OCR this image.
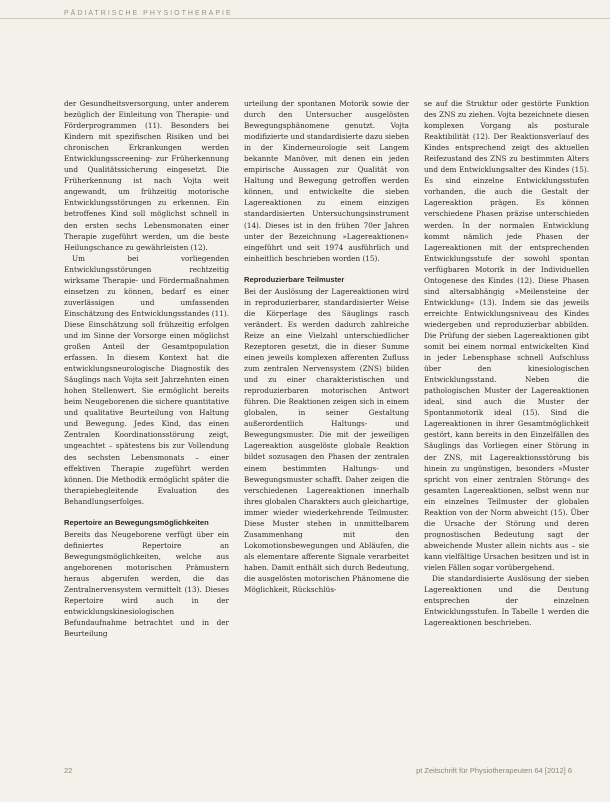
PÄDIATRISCHE PHYSIOTHERAPIE

der Gesundheitsversorgung, unter anderem bezüglich der Einleitung von Therapie- und Förderprogrammen (11). Besonders bei Kindern mit spezifischen Risiken und bei chronischen Erkrankungen werden Entwicklungsscreening- zur Früherkennung und Qualitätssicherung eingesetzt. Die Früherkennung ist nach Vojta weit angewandt, um frühzeitig motorische Entwicklungsstörungen zu erkennen. Ein betroffenes Kind soll möglichst schnell in den ersten sechs Lebensmonaten einer Therapie zugeführt werden, um die beste Heilungschance zu gewährleisten (12).

Um bei vorliegenden Entwicklungsstörungen rechtzeitig wirksame Therapie- und Fördermaßnahmen einsetzen zu können, bedarf es einer zuverlässigen und umfassenden Einschätzung des Entwicklungsstandes (11). Diese Einschätzung soll frühzeitig erfolgen und im Sinne der Vorsorge einen möglichst großen Anteil der Gesamtpopulation erfassen. In diesem Kontext hat die entwicklungsneurologische Diagnostik des Säuglings nach Vojta seit Jahrzehnten einen hohen Stellenwert. Sie ermöglicht bereits beim Neugeborenen die sichere quantitative und qualitative Beurteilung von Haltung und Bewegung. Jedes Kind, das einen Zentralen Koordinationsstörung zeigt, ungeachtet – spätestens bis zur Vollendung des sechsten Lebensmonats – einer effektiven Therapie zugeführt werden können. Die Methodik ermöglicht später die therapiebegleitende Evaluation des Behandlungserfolges.

Repertoire an Bewegungsmöglichkeiten

Bereits das Neugeborene verfügt über ein definiertes Repertoire an Bewegungsmöglichkeiten, welche aus angeborenen motorischen Prämustern heraus abgerufen werden, die das Zentralnervensystem vermittelt (13). Dieses Repertoire wird auch in der entwicklungskinesiologischen Befundaufnahme betrachtet und in der Beurteilung

urteilung der spontanen Motorik sowie der durch den Untersucher ausgelösten Bewegungsphänomene genutzt. Vojta modifizierte und standardisierte dazu sieben in der Kinderneurologie seit Langem bekannte Manöver, mit denen ein jeden empirische Aussagen zur Qualität von Haltung und Bewegung getroffen werden können, und entwickelte die sieben Lagereaktionen zu einem einzigen standardisierten Untersuchungsinstrument (14). Dieses ist in den frühen 70er Jahren unter der Bezeichnung »Lagereaktionen« eingeführt und seit 1974 ausführlich und einheitlich beschrieben worden (15).

Reproduzierbare Teilmuster

Bei der Auslösung der Lagereaktionen wird in reproduzierbarer, standardisierter Weise die Körperlage des Säuglings rasch verändert. Es werden dadurch zahlreiche Reize an eine Vielzahl unterschiedlicher Rezeptoren gesetzt, die in dieser Summe einen jeweils komplexen afferenten Zufluss zum zentralen Nervensystem (ZNS) bilden und zu einer charakteristischen und reproduzierbaren motorischen Antwort führen. Die Reaktionen zeigen sich in einem globalen, in seiner Gestaltung außerordentlich Haltungs- und Bewegungsmuster. Die mit der jeweiligen Lagereaktion ausgelöste globale Reaktion bildet sozusagen den Phasen der zentralen einem bestimmten Haltungs- und Bewegungsmuster schafft. Daher zeigen die verschiedenen Lagereaktionen innerhalb ihres globalen Charakters auch gleichartige, immer wieder wiederkehrende Teilmuster. Diese Muster stehen in unmittelbarem Zusammenhang mit den Lokomotionsbewegungen und Abläufen, die als elementare afferente Signale verarbeitet haben. Damit enthält sich durch Bedeutung, die ausgelösten motorischen Phänomene die Möglichkeit, Rückschlüs-

se auf die Struktur oder gestörte Funktion des ZNS zu ziehen. Vojta bezeichnete diesen komplexen Vorgang als posturale Reaktibilität (12). Der Reaktionsverlauf des Kindes entsprechend zeigt des aktuellen Reifezustand des ZNS zu bestimmten Alters und dem Entwicklungsalter des Kindes (15). Es sind einzelne Entwicklungsstufen vorhanden, die auch die Gestalt der Lagereaktion prägen. Es können verschiedene Phasen präzise unterschieden werden. In der normalen Entwicklung kommt nämlich jede Phasen der Lagereaktionen mit der entsprechenden Entwicklungsstufe der sowohl spontan verfügbaren Motorik in der Individuellen Ontogenese des Kindes (12). Diese Phasen sind altersabhängig »Meilensteine der Entwicklung« (13). Indem sie das jeweils erreichte Entwicklungsniveau des Kindes wiedergeben und reproduzierbar abbilden. Die Prüfung der sieben Lagereaktionen gibt somit bei einem normal entwickelten Kind in jeder Lebensphase schnell Aufschluss über den kinesiologischen Entwicklungsstand. Neben die pathologischen Muster der Lagereaktionen ideal, sind auch die Muster der Spontanmotorik ideal (15). Sind die Lagereaktionen in ihrer Gesamtmöglichkeit gestört, kann bereits in den Einzelfällen des Säuglings das Vorliegen einer Störung in der ZNS, mit Lagereaktionsstörung bis hinein zu ungünstigen, besonders »Muster spricht von einer zentralen Störung« des gesamten Lagereaktionen, selbst wenn nur ein einzelnes Teilmuster der globalen Reaktion von der Norm abweicht (15). Über die Ursache der Störung und deren prognostischen Bedeutung sagt der abweichende Muster allein nichts aus – sie kann vielfältige Ursachen besitzen und ist in vielen Fällen sogar vorübergehend.

Die standardisierte Auslösung der sieben Lagereaktionen und die Deutung entsprechen der einzelnen Entwicklungsstufen. In Tabelle 1 werden die Lagereaktionen beschrieben.

22	pt Zeitschrift für Physiotherapeuten 64 [2012] 6
